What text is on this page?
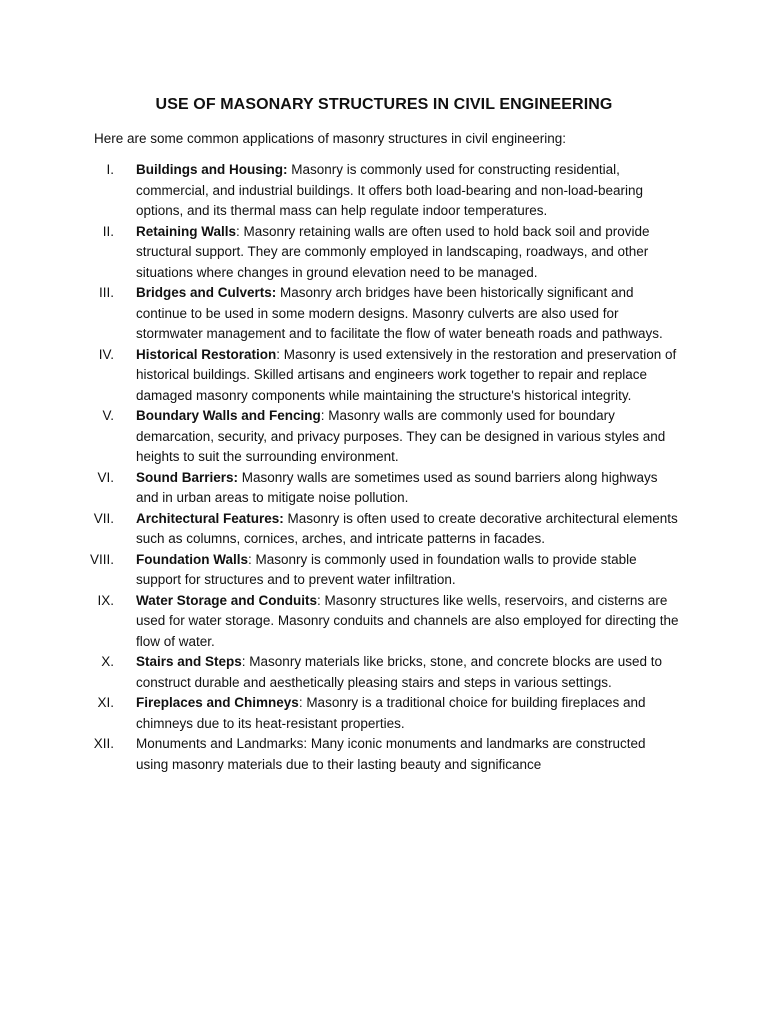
USE OF MASONARY STRUCTURES IN CIVIL ENGINEERING

Here are some common applications of masonry structures in civil engineering:

I. Buildings and Housing: Masonry is commonly used for constructing residential, commercial, and industrial buildings. It offers both load-bearing and non-load-bearing options, and its thermal mass can help regulate indoor temperatures.
II. Retaining Walls: Masonry retaining walls are often used to hold back soil and provide structural support. They are commonly employed in landscaping, roadways, and other situations where changes in ground elevation need to be managed.
III. Bridges and Culverts: Masonry arch bridges have been historically significant and continue to be used in some modern designs. Masonry culverts are also used for stormwater management and to facilitate the flow of water beneath roads and pathways.
IV. Historical Restoration: Masonry is used extensively in the restoration and preservation of historical buildings. Skilled artisans and engineers work together to repair and replace damaged masonry components while maintaining the structure's historical integrity.
V. Boundary Walls and Fencing: Masonry walls are commonly used for boundary demarcation, security, and privacy purposes. They can be designed in various styles and heights to suit the surrounding environment.
VI. Sound Barriers: Masonry walls are sometimes used as sound barriers along highways and in urban areas to mitigate noise pollution.
VII. Architectural Features: Masonry is often used to create decorative architectural elements such as columns, cornices, arches, and intricate patterns in facades.
VIII. Foundation Walls: Masonry is commonly used in foundation walls to provide stable support for structures and to prevent water infiltration.
IX. Water Storage and Conduits: Masonry structures like wells, reservoirs, and cisterns are used for water storage. Masonry conduits and channels are also employed for directing the flow of water.
X. Stairs and Steps: Masonry materials like bricks, stone, and concrete blocks are used to construct durable and aesthetically pleasing stairs and steps in various settings.
XI. Fireplaces and Chimneys: Masonry is a traditional choice for building fireplaces and chimneys due to its heat-resistant properties.
XII. Monuments and Landmarks: Many iconic monuments and landmarks are constructed using masonry materials due to their lasting beauty and significance
